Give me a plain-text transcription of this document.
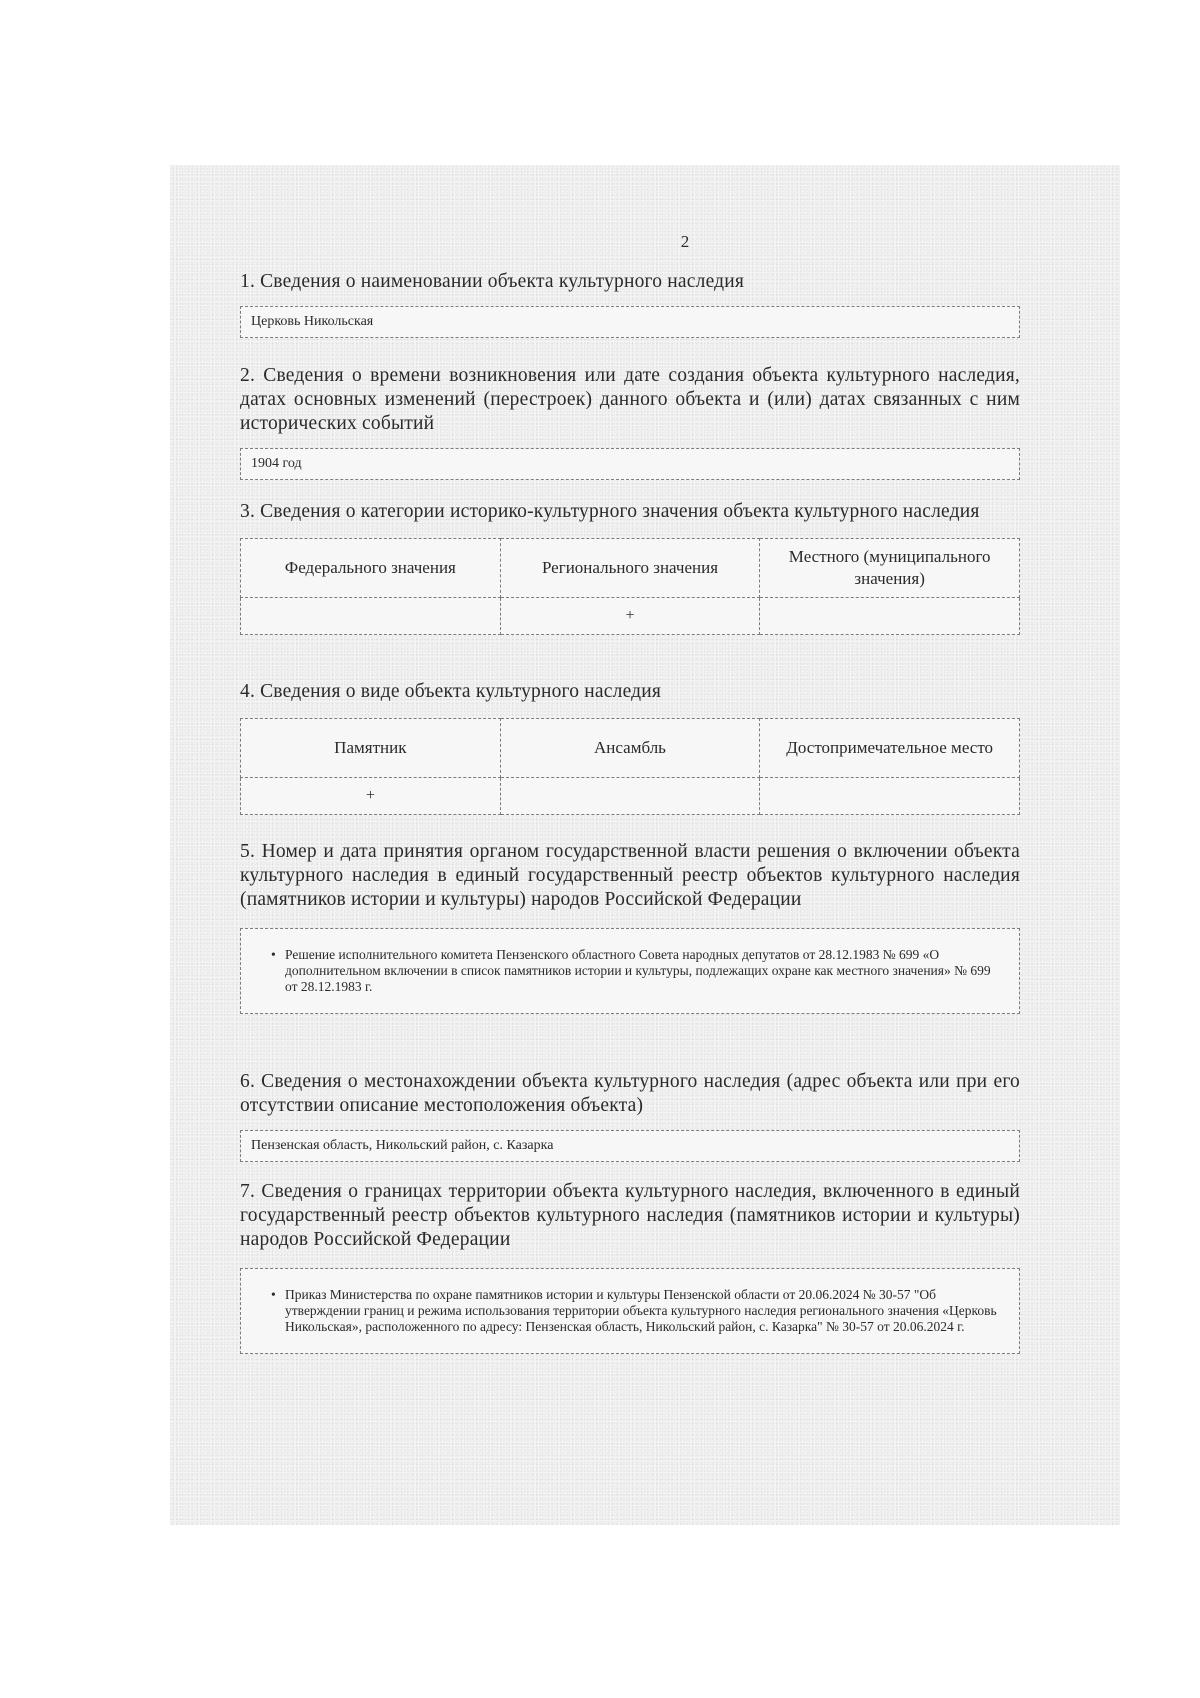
2

1. Сведения о наименовании объекта культурного наследия

Церковь Никольская

2. Сведения о времени возникновения или дате создания объекта культурного наследия, датах основных изменений (перестроек) данного объекта и (или) датах связанных с ним исторических событий

1904 год

3. Сведения о категории историко-культурного значения объекта культурного наследия

Федерального значения	Регионального значения	Местного (муниципального значения)
	+	

4. Сведения о виде объекта культурного наследия

Памятник	Ансамбль	Достопримечательное место
+		

5. Номер и дата принятия органом государственной власти решения о включении объекта культурного наследия в единый государственный реестр объектов культурного наследия (памятников истории и культуры) народов Российской Федерации

• Решение исполнительного комитета Пензенского областного Совета народных депутатов от 28.12.1983 № 699 «О дополнительном включении в список памятников истории и культуры, подлежащих охране как местного значения» № 699 от 28.12.1983 г.

6. Сведения о местонахождении объекта культурного наследия (адрес объекта или при его отсутствии описание местоположения объекта)

Пензенская область, Никольский район, с. Казарка

7. Сведения о границах территории объекта культурного наследия, включенного в единый государственный реестр объектов культурного наследия (памятников истории и культуры) народов Российской Федерации

• Приказ Министерства по охране памятников истории и культуры Пензенской области от 20.06.2024 № 30-57 "Об утверждении границ и режима использования территории объекта культурного наследия регионального значения «Церковь Никольская», расположенного по адресу: Пензенская область, Никольский район, с. Казарка" № 30-57 от 20.06.2024 г.
